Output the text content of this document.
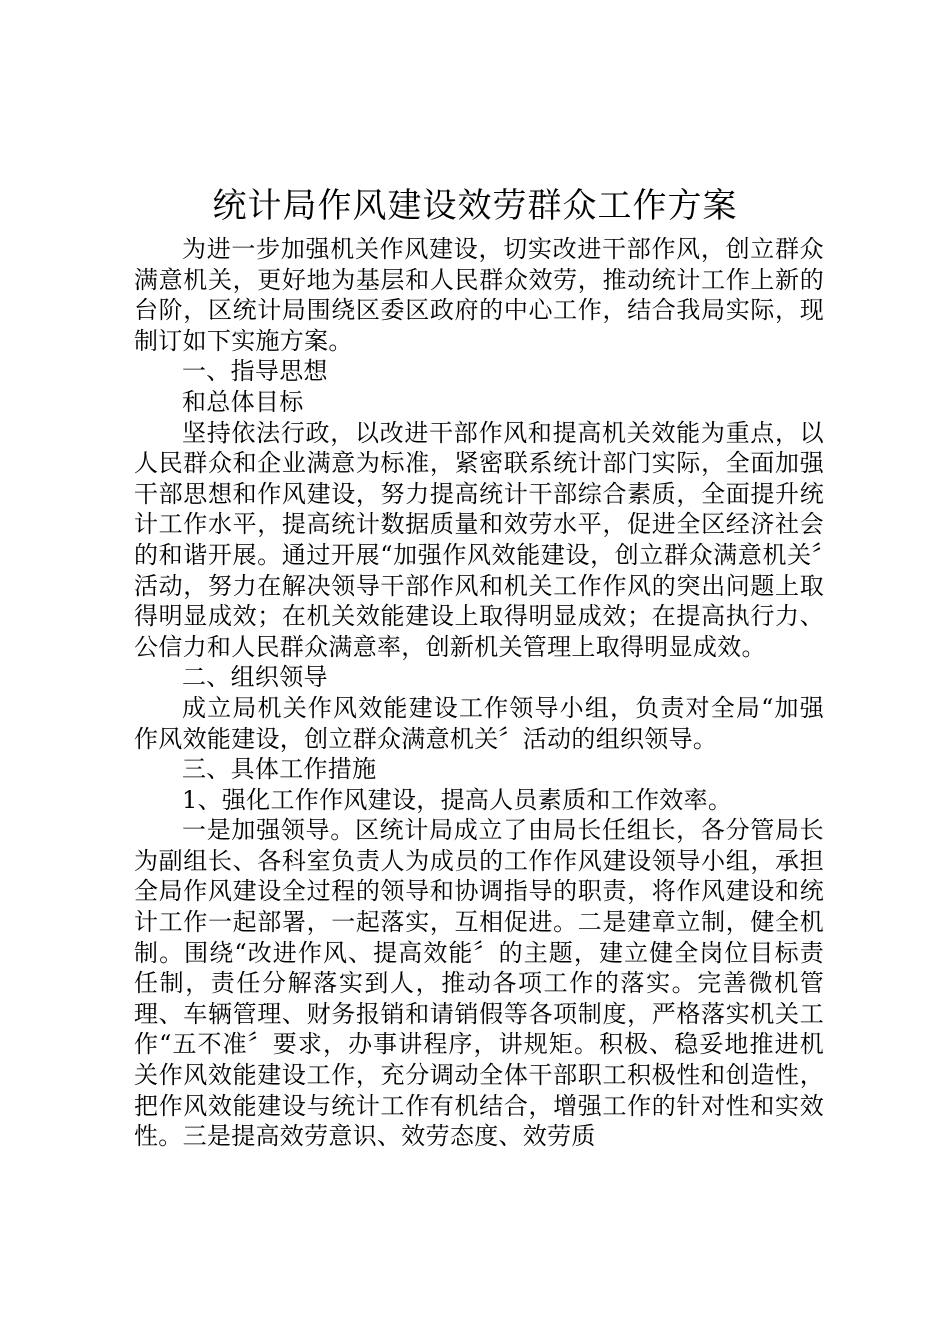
统计局作风建设效劳群众工作方案

为进一步加强机关作风建设，切实改进干部作风，创立群众满意机关，更好地为基层和人民群众效劳，推动统计工作上新的台阶，区统计局围绕区委区政府的中心工作，结合我局实际，现制订如下实施方案。

一、指导思想

和总体目标

坚持依法行政，以改进干部作风和提高机关效能为重点，以人民群众和企业满意为标准，紧密联系统计部门实际，全面加强干部思想和作风建设，努力提高统计干部综合素质，全面提升统计工作水平，提高统计数据质量和效劳水平，促进全区经济社会的和谐开展。通过开展“加强作风效能建设，创立群众满意机关〞活动，努力在解决领导干部作风和机关工作作风的突出问题上取得明显成效；在机关效能建设上取得明显成效；在提高执行力、公信力和人民群众满意率，创新机关管理上取得明显成效。

二、组织领导

成立局机关作风效能建设工作领导小组，负责对全局“加强作风效能建设，创立群众满意机关〞活动的组织领导。

三、具体工作措施

1、强化工作作风建设，提高人员素质和工作效率。

一是加强领导。区统计局成立了由局长任组长，各分管局长为副组长、各科室负责人为成员的工作作风建设领导小组，承担全局作风建设全过程的领导和协调指导的职责，将作风建设和统计工作一起部署，一起落实，互相促进。二是建章立制，健全机制。围绕“改进作风、提高效能〞的主题，建立健全岗位目标责任制，责任分解落实到人，推动各项工作的落实。完善微机管理、车辆管理、财务报销和请销假等各项制度，严格落实机关工作“五不准〞要求，办事讲程序，讲规矩。积极、稳妥地推进机关作风效能建设工作，充分调动全体干部职工积极性和创造性，把作风效能建设与统计工作有机结合，增强工作的针对性和实效性。三是提高效劳意识、效劳态度、效劳质
